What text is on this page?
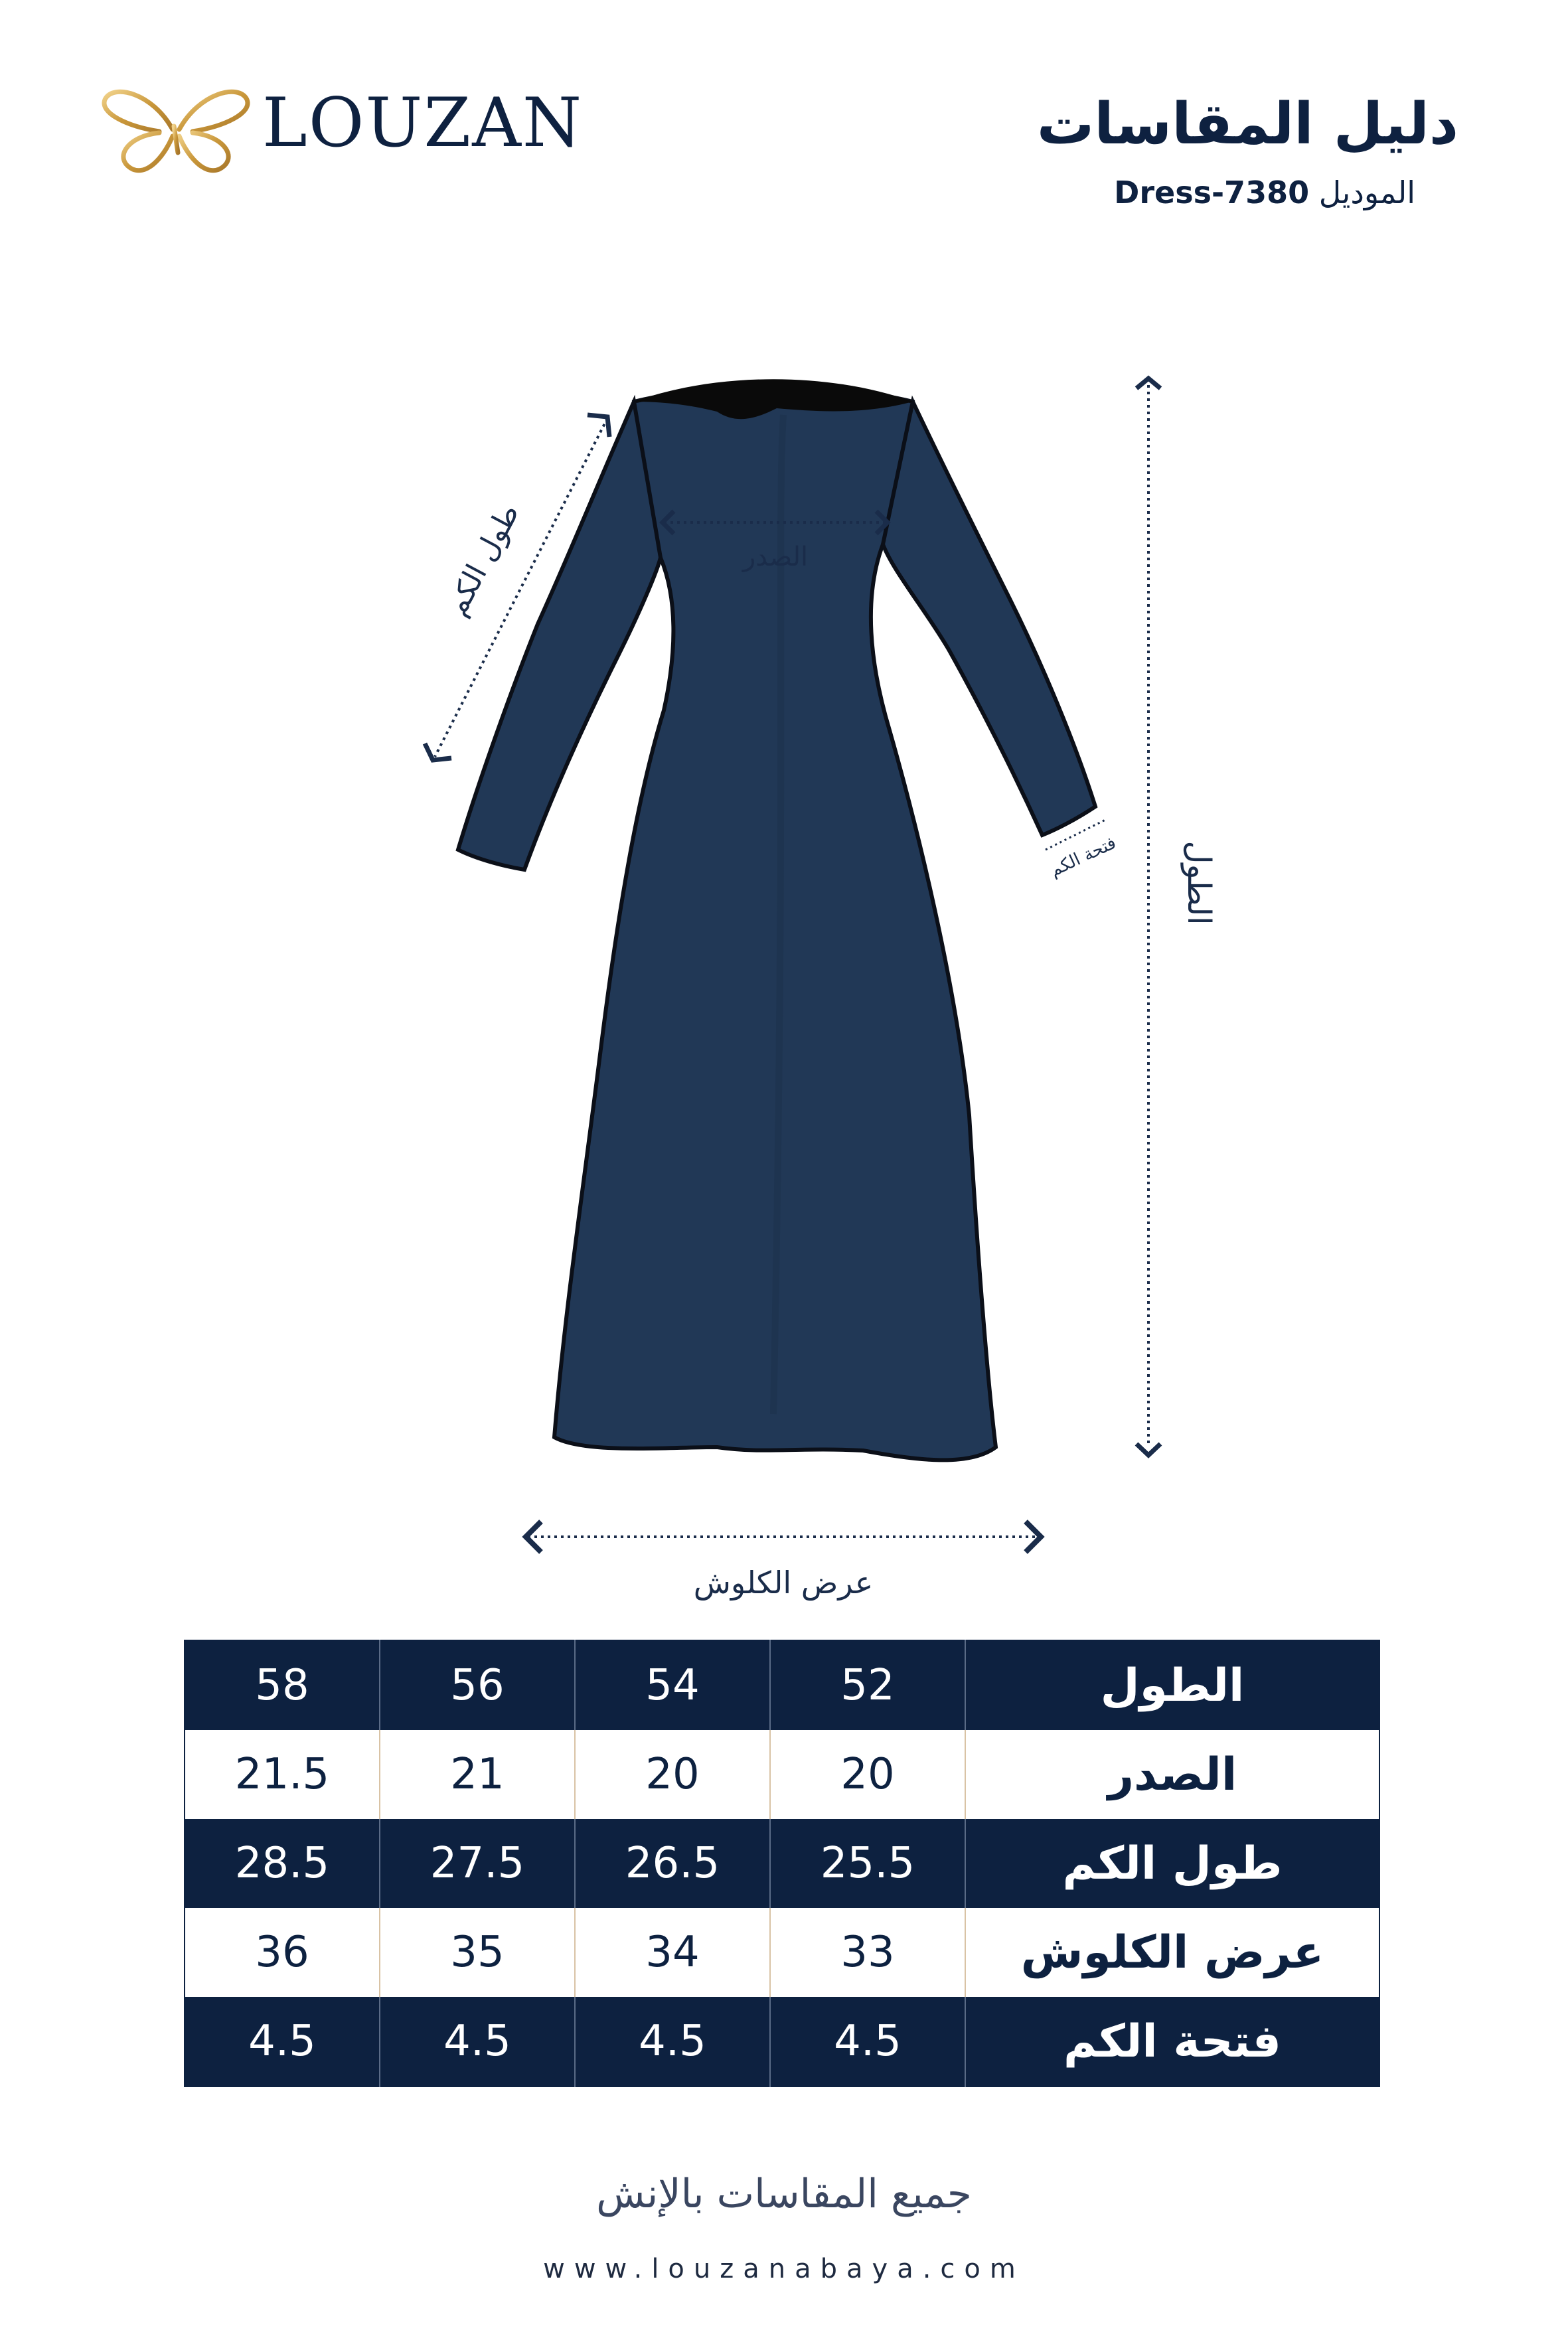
LOUZAN	دليل المقاسات
الموديل Dress-7380
الصدر
طول الكم
فتحة الكم الطول
عرض الكلوش
58	56	54	52	الطول
21.5	21	20	20	الصدر
28.5	27.5	26.5	25.5	طول الكم
36	35	34	33	عرض الكلوش
4.5	4.5	4.5	4.5	فتحة الكم
جميع المقاسات بالإنش
www.louzanabaya.com
